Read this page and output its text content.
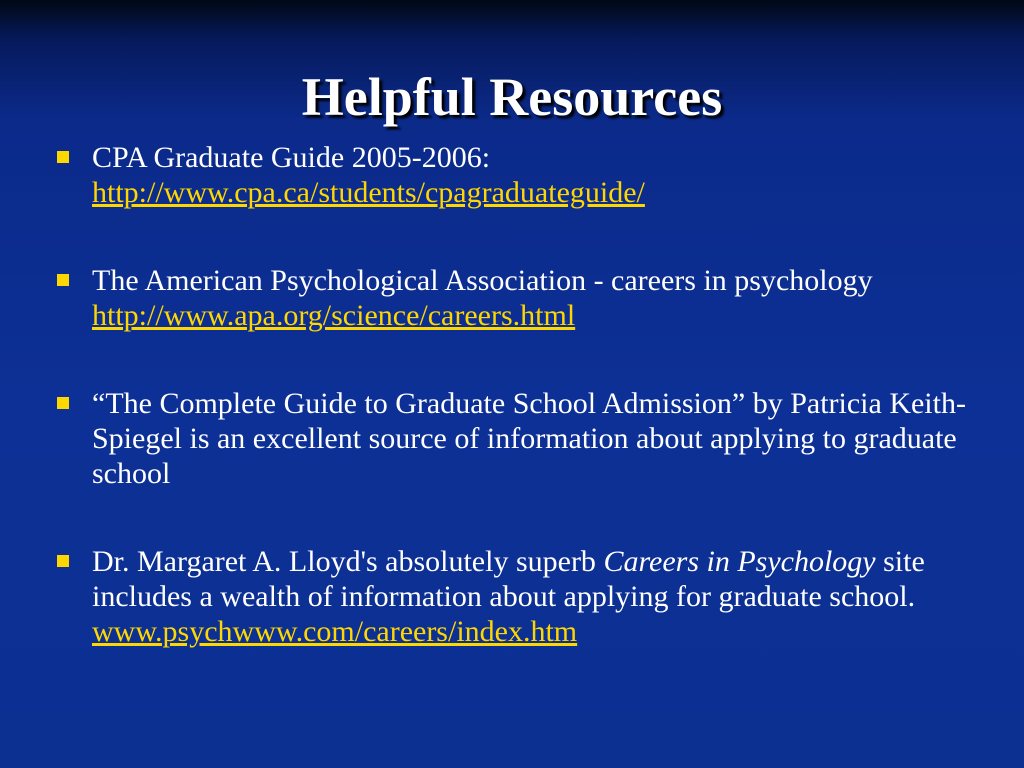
Helpful Resources
CPA Graduate Guide 2005-2006:
http://www.cpa.ca/students/cpagraduateguide/
The American Psychological Association - careers in psychology http://www.apa.org/science/careers.html
“The Complete Guide to Graduate School Admission” by Patricia Keith-Spiegel is an excellent source of information about applying to graduate school
Dr. Margaret A. Lloyd's absolutely superb Careers in Psychology site includes a wealth of information about applying for graduate school. www.psychwww.com/careers/index.htm
